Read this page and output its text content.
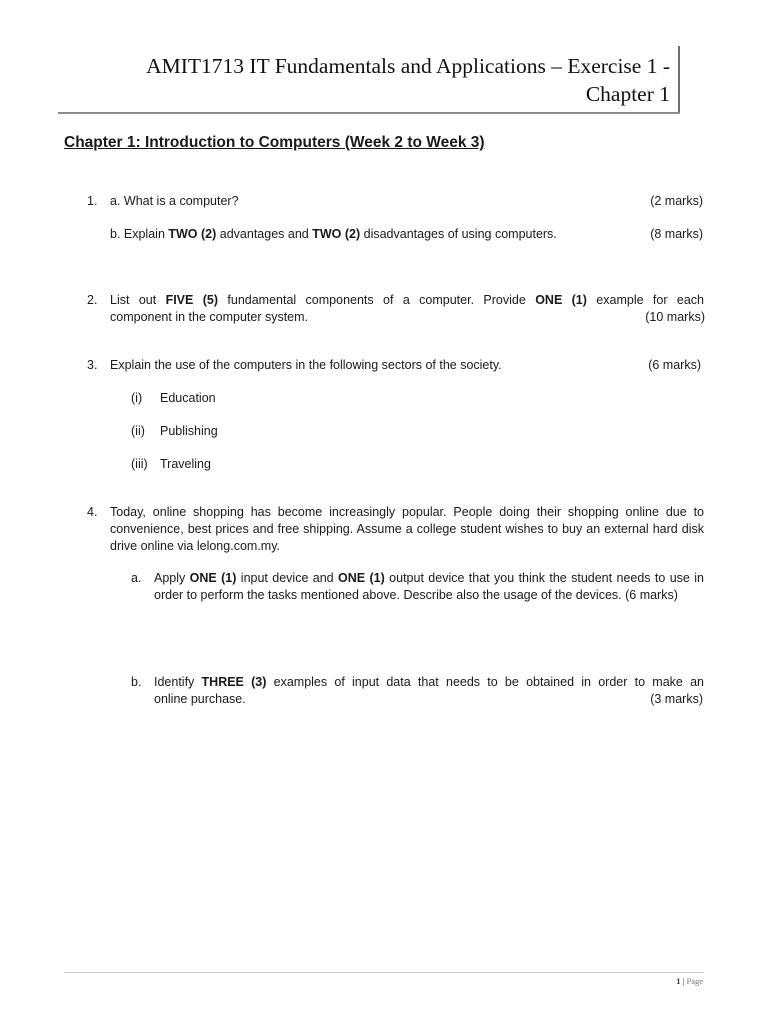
AMIT1713 IT Fundamentals and Applications – Exercise 1 -
Chapter 1
Chapter 1: Introduction to Computers (Week 2 to Week 3)
1. a. What is a computer?	(2 marks)
b. Explain TWO (2) advantages and TWO (2) disadvantages of using computers.	(8 marks)
2. List out FIVE (5) fundamental components of a computer. Provide ONE (1) example for each
component in the computer system.	(10 marks)
3. Explain the use of the computers in the following sectors of the society.	(6 marks)
(i) Education
(ii) Publishing
(iii) Traveling
4. Today, online shopping has become increasingly popular. People doing their shopping online due to convenience, best prices and free shipping. Assume a college student wishes to buy an external hard disk drive online via lelong.com.my.
a. Apply ONE (1) input device and ONE (1) output device that you think the student needs to use in order to perform the tasks mentioned above. Describe also the usage of the devices. (6 marks)
b. Identify THREE (3) examples of input data that needs to be obtained in order to make an
online purchase.	(3 marks)
1 | Page
